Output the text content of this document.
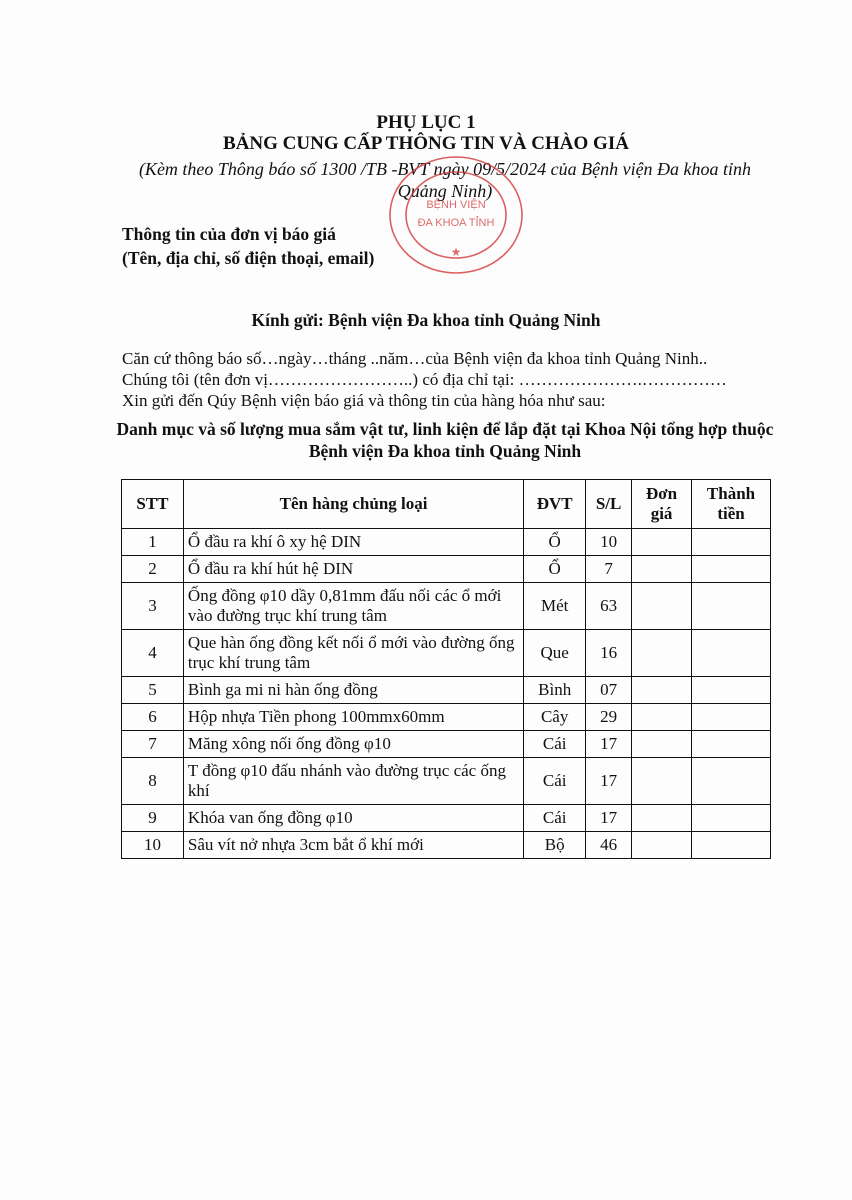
PHỤ LỤC 1
BẢNG CUNG CẤP THÔNG TIN VÀ CHÀO GIÁ
(Kèm theo Thông báo số 1300 /TB -BVT ngày 09/5/2024 của Bệnh viện Đa khoa tỉnh Quảng Ninh)
BỆNH VIỆN
ĐA KHOA TỈNH
★
Thông tin của đơn vị báo giá
(Tên, địa chỉ, số điện thoại, email)
Kính gửi: Bệnh viện Đa khoa tỉnh Quảng Ninh
Căn cứ thông báo số…ngày…tháng ..năm…của Bệnh viện đa khoa tỉnh Quảng Ninh..
Chúng tôi (tên đơn vị……………………..) có địa chỉ tại: ………………….……………
Xin gửi đến Qúy Bệnh viện báo giá và thông tin của hàng hóa như sau:
Danh mục và số lượng mua sắm vật tư, linh kiện để lắp đặt tại Khoa Nội tổng hợp thuộc Bệnh viện Đa khoa tỉnh Quảng Ninh
STT	Tên hàng chủng loại	ĐVT	S/L	Đơn giá	Thành tiền
1	Ổ đầu ra khí ô xy hệ DIN	Ổ	10		
2	Ổ đầu ra khí hút hệ DIN	Ổ	7		
3	Ống đồng φ10 dầy 0,81mm đấu nối các ổ mới vào đường trục khí trung tâm	Mét	63		
4	Que hàn ống đồng kết nối ổ mới vào đường ống trục khí trung tâm	Que	16		
5	Bình ga mi ni hàn ống đồng	Bình	07		
6	Hộp nhựa Tiền phong 100mmx60mm	Cây	29		
7	Măng xông nối ống đồng φ10	Cái	17		
8	T đồng φ10 đấu nhánh vào đường trục các ống khí	Cái	17		
9	Khóa van ống đồng φ10	Cái	17		
10	Sâu vít nở nhựa 3cm bắt ổ khí mới	Bộ	46		
